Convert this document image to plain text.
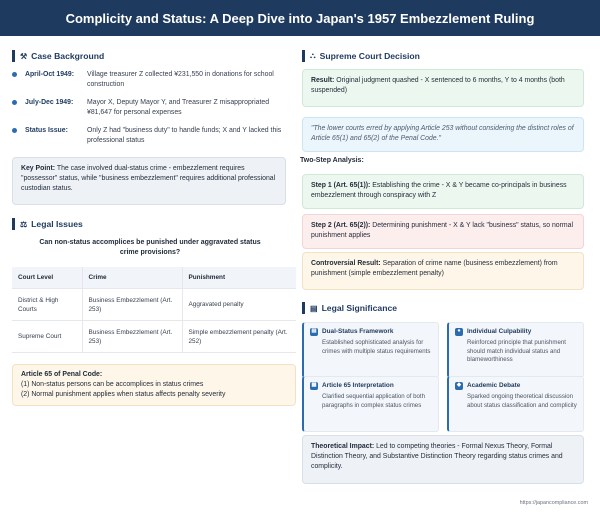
Complicity and Status: A Deep Dive into Japan's 1957 Embezzlement Ruling
⚒ Case Background
April-Oct 1949: Village treasurer Z collected ¥231,550 in donations for school construction
July-Dec 1949: Mayor X, Deputy Mayor Y, and Treasurer Z misappropriated ¥81,647 for personal expenses
Status Issue:	Only Z had "business duty" to handle funds; X and Y lacked this professional status
Key Point: The case involved dual-status crime - embezzlement requires "possessor" status, while "business embezzlement" requires additional professional custodian status.
⚖ Legal Issues
Can non-status accomplices be punished under aggravated status crime provisions?
Court Level	Crime	Punishment
District & High Courts	Business Embezzlement (Art. 253)	Aggravated penalty
Supreme Court	Business Embezzlement (Art. 253)	Simple embezzlement penalty (Art. 252)
Article 65 of Penal Code:
(1) Non-status persons can be accomplices in status crimes
(2) Normal punishment applies when status affects penalty severity
⛬ Supreme Court Decision
Result: Original judgment quashed - X sentenced to 6 months, Y to 4 months (both suspended)
"The lower courts erred by applying Article 253 without considering the distinct roles of Article 65(1) and 65(2) of the Penal Code."
Two-Step Analysis:
Step 1 (Art. 65(1)): Establishing the crime - X & Y became co-principals in business embezzlement through conspiracy with Z
Step 2 (Art. 65(2)): Determining punishment - X & Y lack "business" status, so normal punishment applies
Controversial Result: Separation of crime name (business embezzlement) from punishment (simple embezzlement penalty)
▤ Legal Significance
▤ Dual-Status Framework
Established sophisticated analysis for crimes with multiple status requirements
● Individual Culpability
Reinforced principle that punishment should match individual status and blameworthiness
▦ Article 65 Interpretation
Clarified sequential application of both paragraphs in complex status crimes
◆ Academic Debate
Sparked ongoing theoretical discussion about status classification and complicity
Theoretical Impact: Led to competing theories - Formal Nexus Theory, Formal Distinction Theory, and Substantive Distinction Theory regarding status crimes and complicity.
https://japancompliance.com
